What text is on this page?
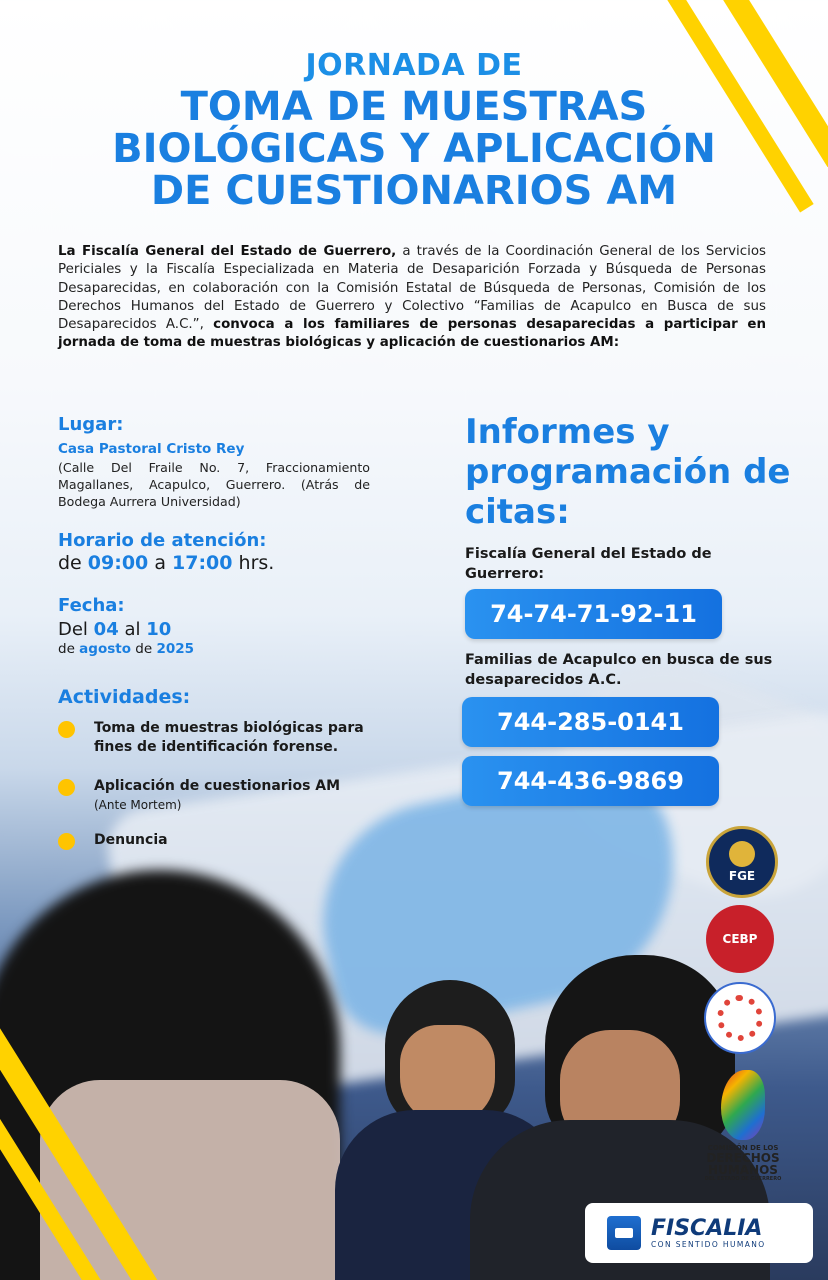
JORNADA DE
TOMA DE MUESTRAS
BIOLÓGICAS Y APLICACIÓN
DE CUESTIONARIOS AM

La Fiscalía General del Estado de Guerrero, a través de la Coordinación General de los Servicios Periciales y la Fiscalía Especializada en Materia de Desaparición Forzada y Búsqueda de Personas Desaparecidas, en colaboración con la Comisión Estatal de Búsqueda de Personas, Comisión de los Derechos Humanos del Estado de Guerrero y Colectivo “Familias de Acapulco en Busca de sus Desaparecidos A.C.”, convoca a los familiares de personas desaparecidas a participar en jornada de toma de muestras biológicas y aplicación de cuestionarios AM:

Lugar:
Casa Pastoral Cristo Rey
(Calle Del Fraile No. 7, Fraccionamiento Magallanes, Acapulco, Guerrero. (Atrás de Bodega Aurrera Universidad)
Horario de atención:
de 09:00 a 17:00 hrs.
Fecha:
Del 04 al 10
de agosto de 2025
Actividades:
Toma de muestras biológicas para fines de identificación forense.
Aplicación de cuestionarios AM
(Ante Mortem)
Denuncia
Informes y programación de citas:
Fiscalía General del Estado de Guerrero:
74-74-71-92-11
Familias de Acapulco en busca de sus desaparecidos A.C.
744-285-0141
744-436-9869
FGE
CEBP
COMISIÓN DE LOS
DERECHOS HUMANOS
DEL ESTADO DE GUERRERO
FISCALIA
CON SENTIDO HUMANO
